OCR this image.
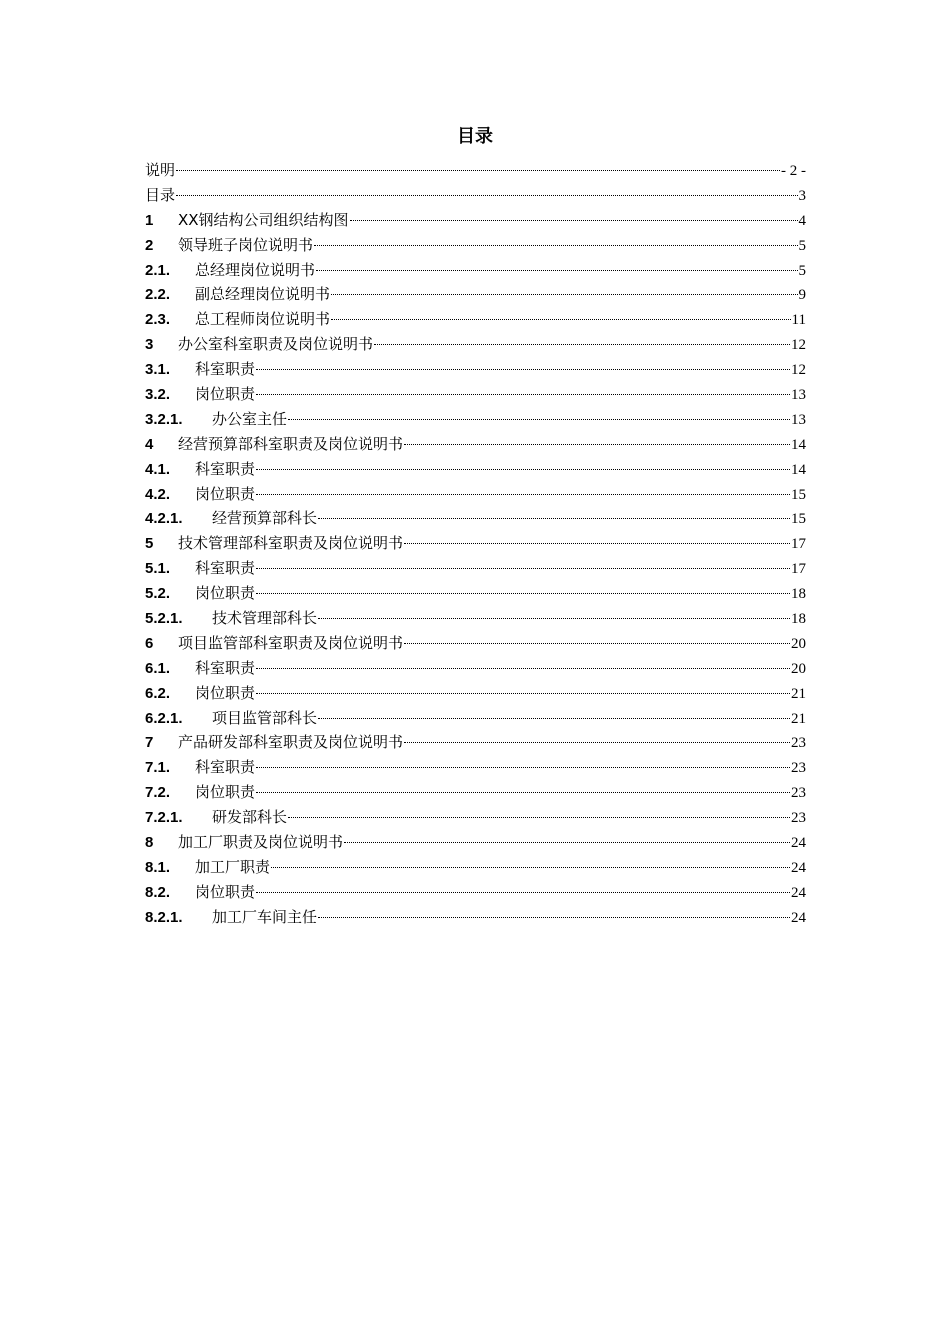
目录
说明	- 2 -
目录	3
1	XX钢结构公司组织结构图	4
2	领导班子岗位说明书	5
2.1.	总经理岗位说明书	5
2.2.	副总经理岗位说明书	9
2.3.	总工程师岗位说明书	11
3	办公室科室职责及岗位说明书	12
3.1.	科室职责	12
3.2.	岗位职责	13
3.2.1.	办公室主任	13
4	经营预算部科室职责及岗位说明书	14
4.1.	科室职责	14
4.2.	岗位职责	15
4.2.1.	经营预算部科长	15
5	技术管理部科室职责及岗位说明书	17
5.1.	科室职责	17
5.2.	岗位职责	18
5.2.1.	技术管理部科长	18
6	项目监管部科室职责及岗位说明书	20
6.1.	科室职责	20
6.2.	岗位职责	21
6.2.1.	项目监管部科长	21
7	产品研发部科室职责及岗位说明书	23
7.1.	科室职责	23
7.2.	岗位职责	23
7.2.1.	研发部科长	23
8	加工厂职责及岗位说明书	24
8.1.	加工厂职责	24
8.2.	岗位职责	24
8.2.1.	加工厂车间主任	24
